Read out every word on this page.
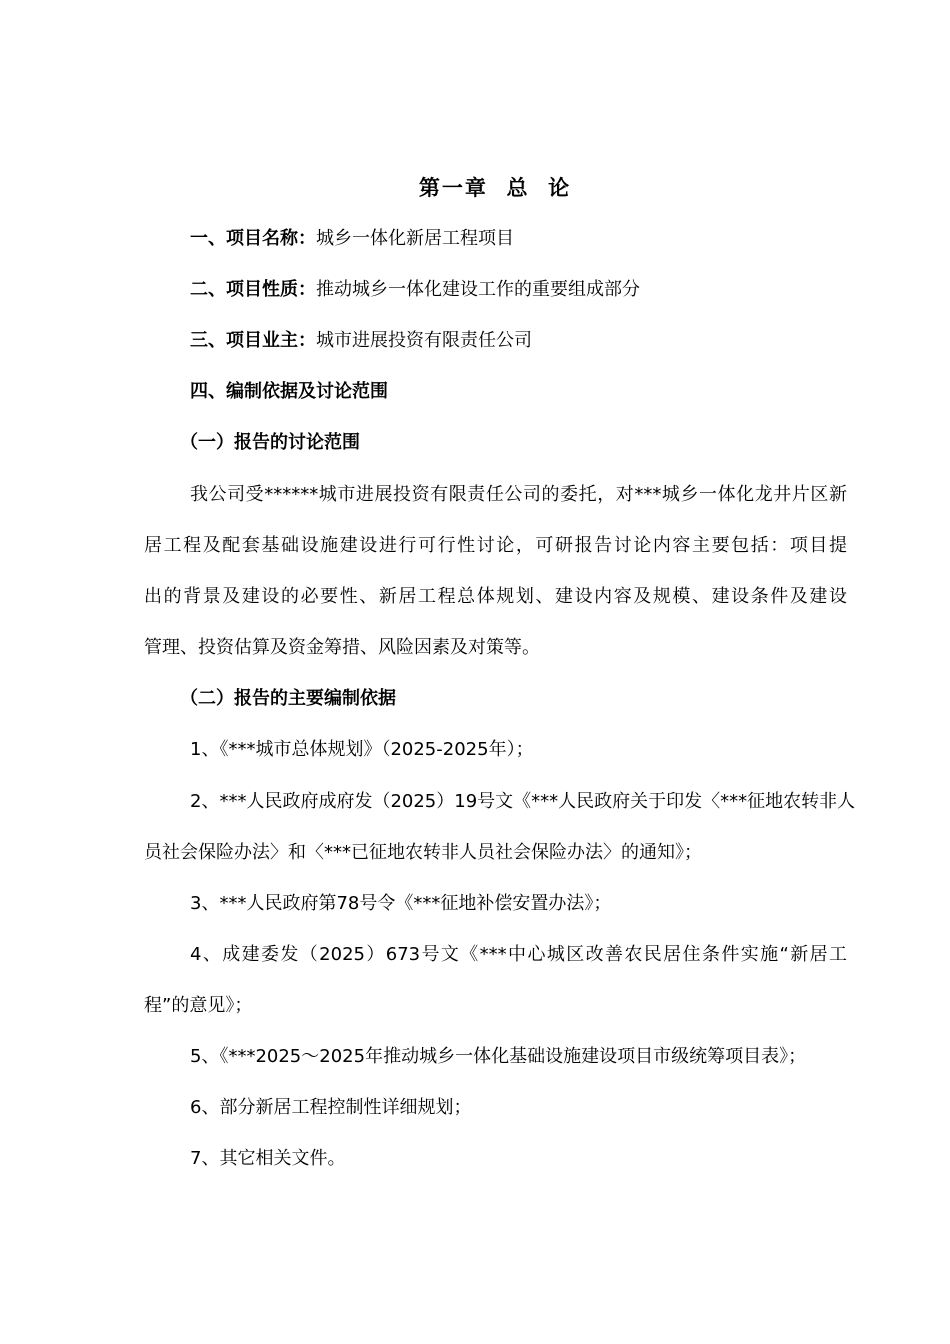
第一章  总  论
一、项目名称：城乡一体化新居工程项目
二、项目性质：推动城乡一体化建设工作的重要组成部分
三、项目业主：城市进展投资有限责任公司
四、编制依据及讨论范围
（一）报告的讨论范围
我公司受******城市进展投资有限责任公司的委托，对***城乡一体化龙井片区新
居工程及配套基础设施建设进行可行性讨论，可研报告讨论内容主要包括：项目提
出的背景及建设的必要性、新居工程总体规划、建设内容及规模、建设条件及建设
管理、投资估算及资金筹措、风险因素及对策等。
（二）报告的主要编制依据
1、《***城市总体规划》（2025-2025年）；
2、***人民政府成府发（2025）19号文《***人民政府关于印发〈***征地农转非人
员社会保险办法〉和〈***已征地农转非人员社会保险办法〉的通知》；
3、***人民政府第78号令《***征地补偿安置办法》；
4、成建委发（2025）673号文《***中心城区改善农民居住条件实施“新居工
程”的意见》；
5、《***2025～2025年推动城乡一体化基础设施建设项目市级统筹项目表》；
6、部分新居工程控制性详细规划；
7、其它相关文件。
